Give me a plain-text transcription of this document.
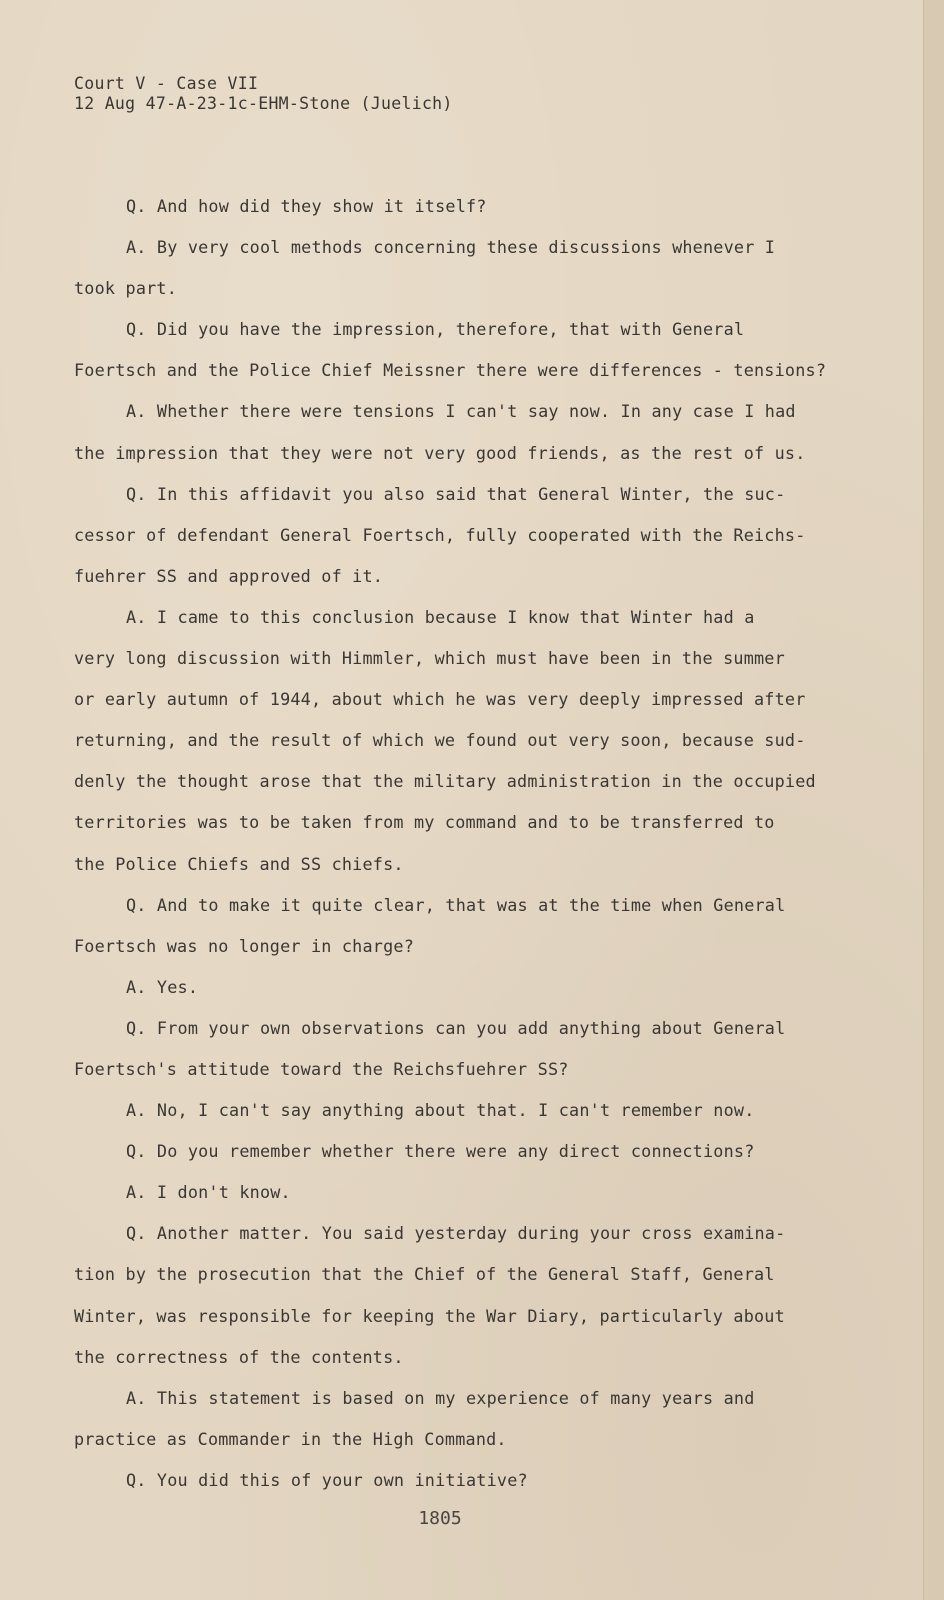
Court V - Case VII
12 Aug 47-A-23-1c-EHM-Stone (Juelich)
Q. And how did they show it itself?
A. By very cool methods concerning these discussions whenever I
took part.
Q. Did you have the impression, therefore, that with General
Foertsch and the Police Chief Meissner there were differences - tensions?
A. Whether there were tensions I can't say now. In any case I had
the impression that they were not very good friends, as the rest of us.
Q. In this affidavit you also said that General Winter, the suc-
cessor of defendant General Foertsch, fully cooperated with the Reichs-
fuehrer SS and approved of it.
A. I came to this conclusion because I know that Winter had a
very long discussion with Himmler, which must have been in the summer
or early autumn of 1944, about which he was very deeply impressed after
returning, and the result of which we found out very soon, because sud-
denly the thought arose that the military administration in the occupied
territories was to be taken from my command and to be transferred to
the Police Chiefs and SS chiefs.
Q. And to make it quite clear, that was at the time when General
Foertsch was no longer in charge?
A. Yes.
Q. From your own observations can you add anything about General
Foertsch's attitude toward the Reichsfuehrer SS?
A. No, I can't say anything about that. I can't remember now.
Q. Do you remember whether there were any direct connections?
A. I don't know.
Q. Another matter. You said yesterday during your cross examina-
tion by the prosecution that the Chief of the General Staff, General
Winter, was responsible for keeping the War Diary, particularly about
the correctness of the contents.
A. This statement is based on my experience of many years and
practice as Commander in the High Command.
Q. You did this of your own initiative?
1805
